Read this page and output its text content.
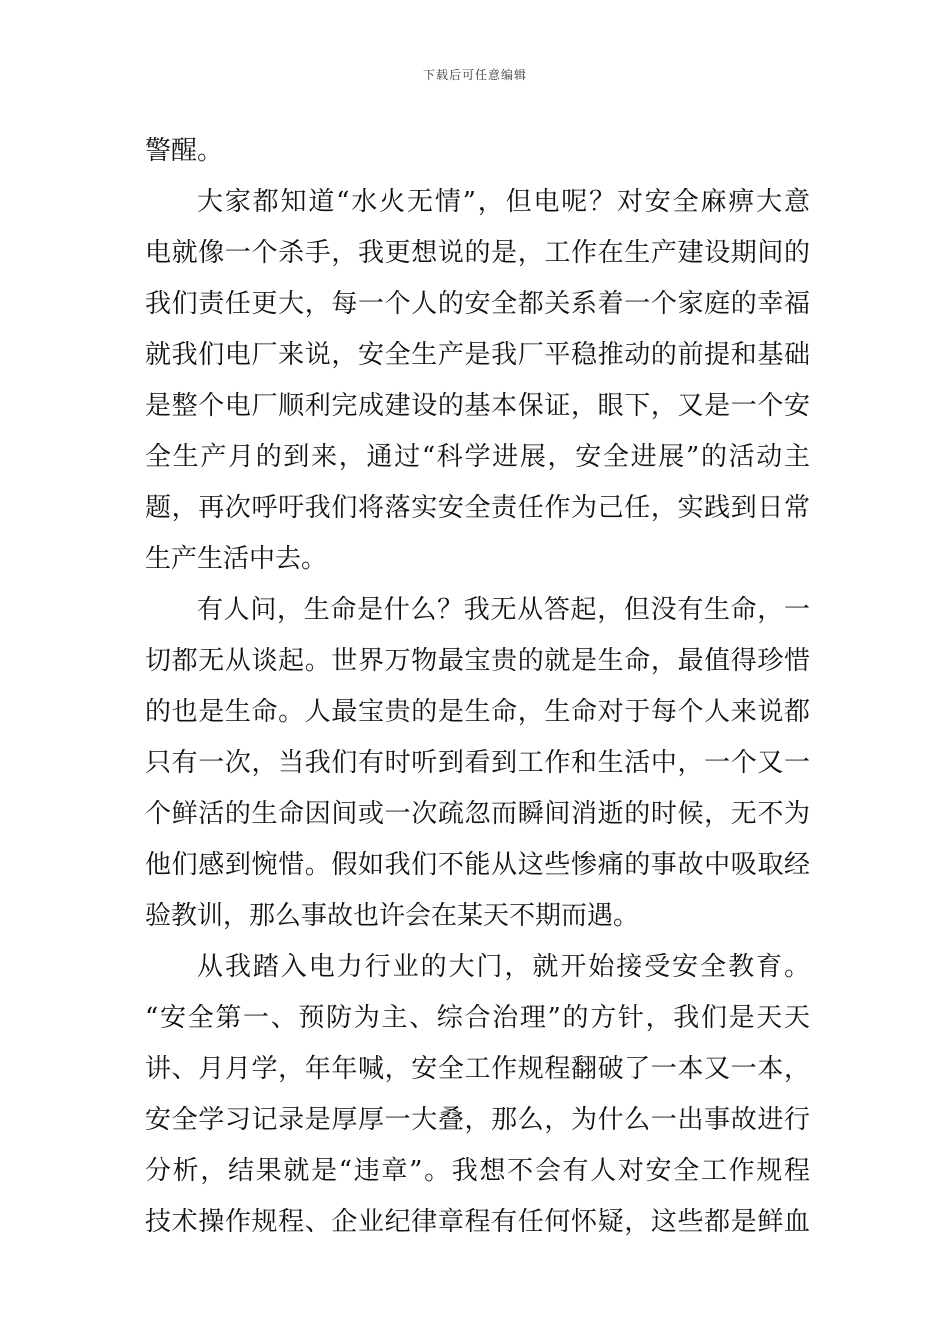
下载后可任意编辑
警醒。
大家都知道“水火无情”，但电呢？对安全麻痹大意
电就像一个杀手，我更想说的是，工作在生产建设期间的
我们责任更大，每一个人的安全都关系着一个家庭的幸福
就我们电厂来说，安全生产是我厂平稳推动的前提和基础
是整个电厂顺利完成建设的基本保证，眼下，又是一个安
全生产月的到来，通过“科学进展，安全进展”的活动主
题，再次呼吁我们将落实安全责任作为己任，实践到日常
生产生活中去。
有人问，生命是什么？我无从答起，但没有生命，一
切都无从谈起。世界万物最宝贵的就是生命，最值得珍惜
的也是生命。人最宝贵的是生命，生命对于每个人来说都
只有一次，当我们有时听到看到工作和生活中，一个又一
个鲜活的生命因间或一次疏忽而瞬间消逝的时候，无不为
他们感到惋惜。假如我们不能从这些惨痛的事故中吸取经
验教训，那么事故也许会在某天不期而遇。
从我踏入电力行业的大门，就开始接受安全教育。
“安全第一、预防为主、综合治理”的方针，我们是天天
讲、月月学，年年喊，安全工作规程翻破了一本又一本，
安全学习记录是厚厚一大叠，那么，为什么一出事故进行
分析，结果就是“违章”。我想不会有人对安全工作规程
技术操作规程、企业纪律章程有任何怀疑，这些都是鲜血
